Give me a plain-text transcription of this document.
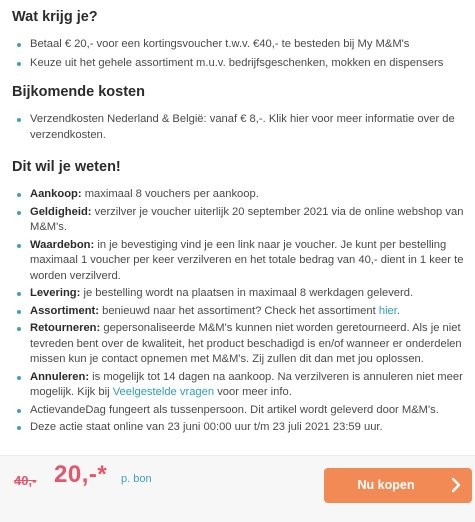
Wat krijg je?
Betaal € 20,- voor een kortingsvoucher t.w.v. €40,- te besteden bij My M&M's
Keuze uit het gehele assortiment m.u.v. bedrijfsgeschenken, mokken en dispensers
Bijkomende kosten
Verzendkosten Nederland & België: vanaf € 8,-. Klik hier voor meer informatie over de verzendkosten.
Dit wil je weten!
Aankoop: maximaal 8 vouchers per aankoop.
Geldigheid: verzilver je voucher uiterlijk 20 september 2021 via de online webshop van M&M's.
Waardebon: in je bevestiging vind je een link naar je voucher. Je kunt per bestelling maximaal 1 voucher per keer verzilveren en het totale bedrag van 40,- dient in 1 keer te worden verzilverd.
Levering: je bestelling wordt na plaatsen in maximaal 8 werkdagen geleverd.
Assortiment: benieuwd naar het assortiment? Check het assortiment hier.
Retourneren: gepersonaliseerde M&M's kunnen niet worden geretourneerd. Als je niet tevreden bent over de kwaliteit, het product beschadigd is en/of wanneer er onderdelen missen kun je contact opnemen met M&M's. Zij zullen dit dan met jou oplossen.
Annuleren: is mogelijk tot 14 dagen na aankoop. Na verzilveren is annuleren niet meer mogelijk. Kijk bij Veelgestelde vragen voor meer info.
ActievandeDag fungeert als tussenpersoon. Dit artikel wordt geleverd door M&M's.
Deze actie staat online van 23 juni 00:00 uur t/m 23 juli 2021 23:59 uur.
40,- 20,-* p. bon	Nu kopen
